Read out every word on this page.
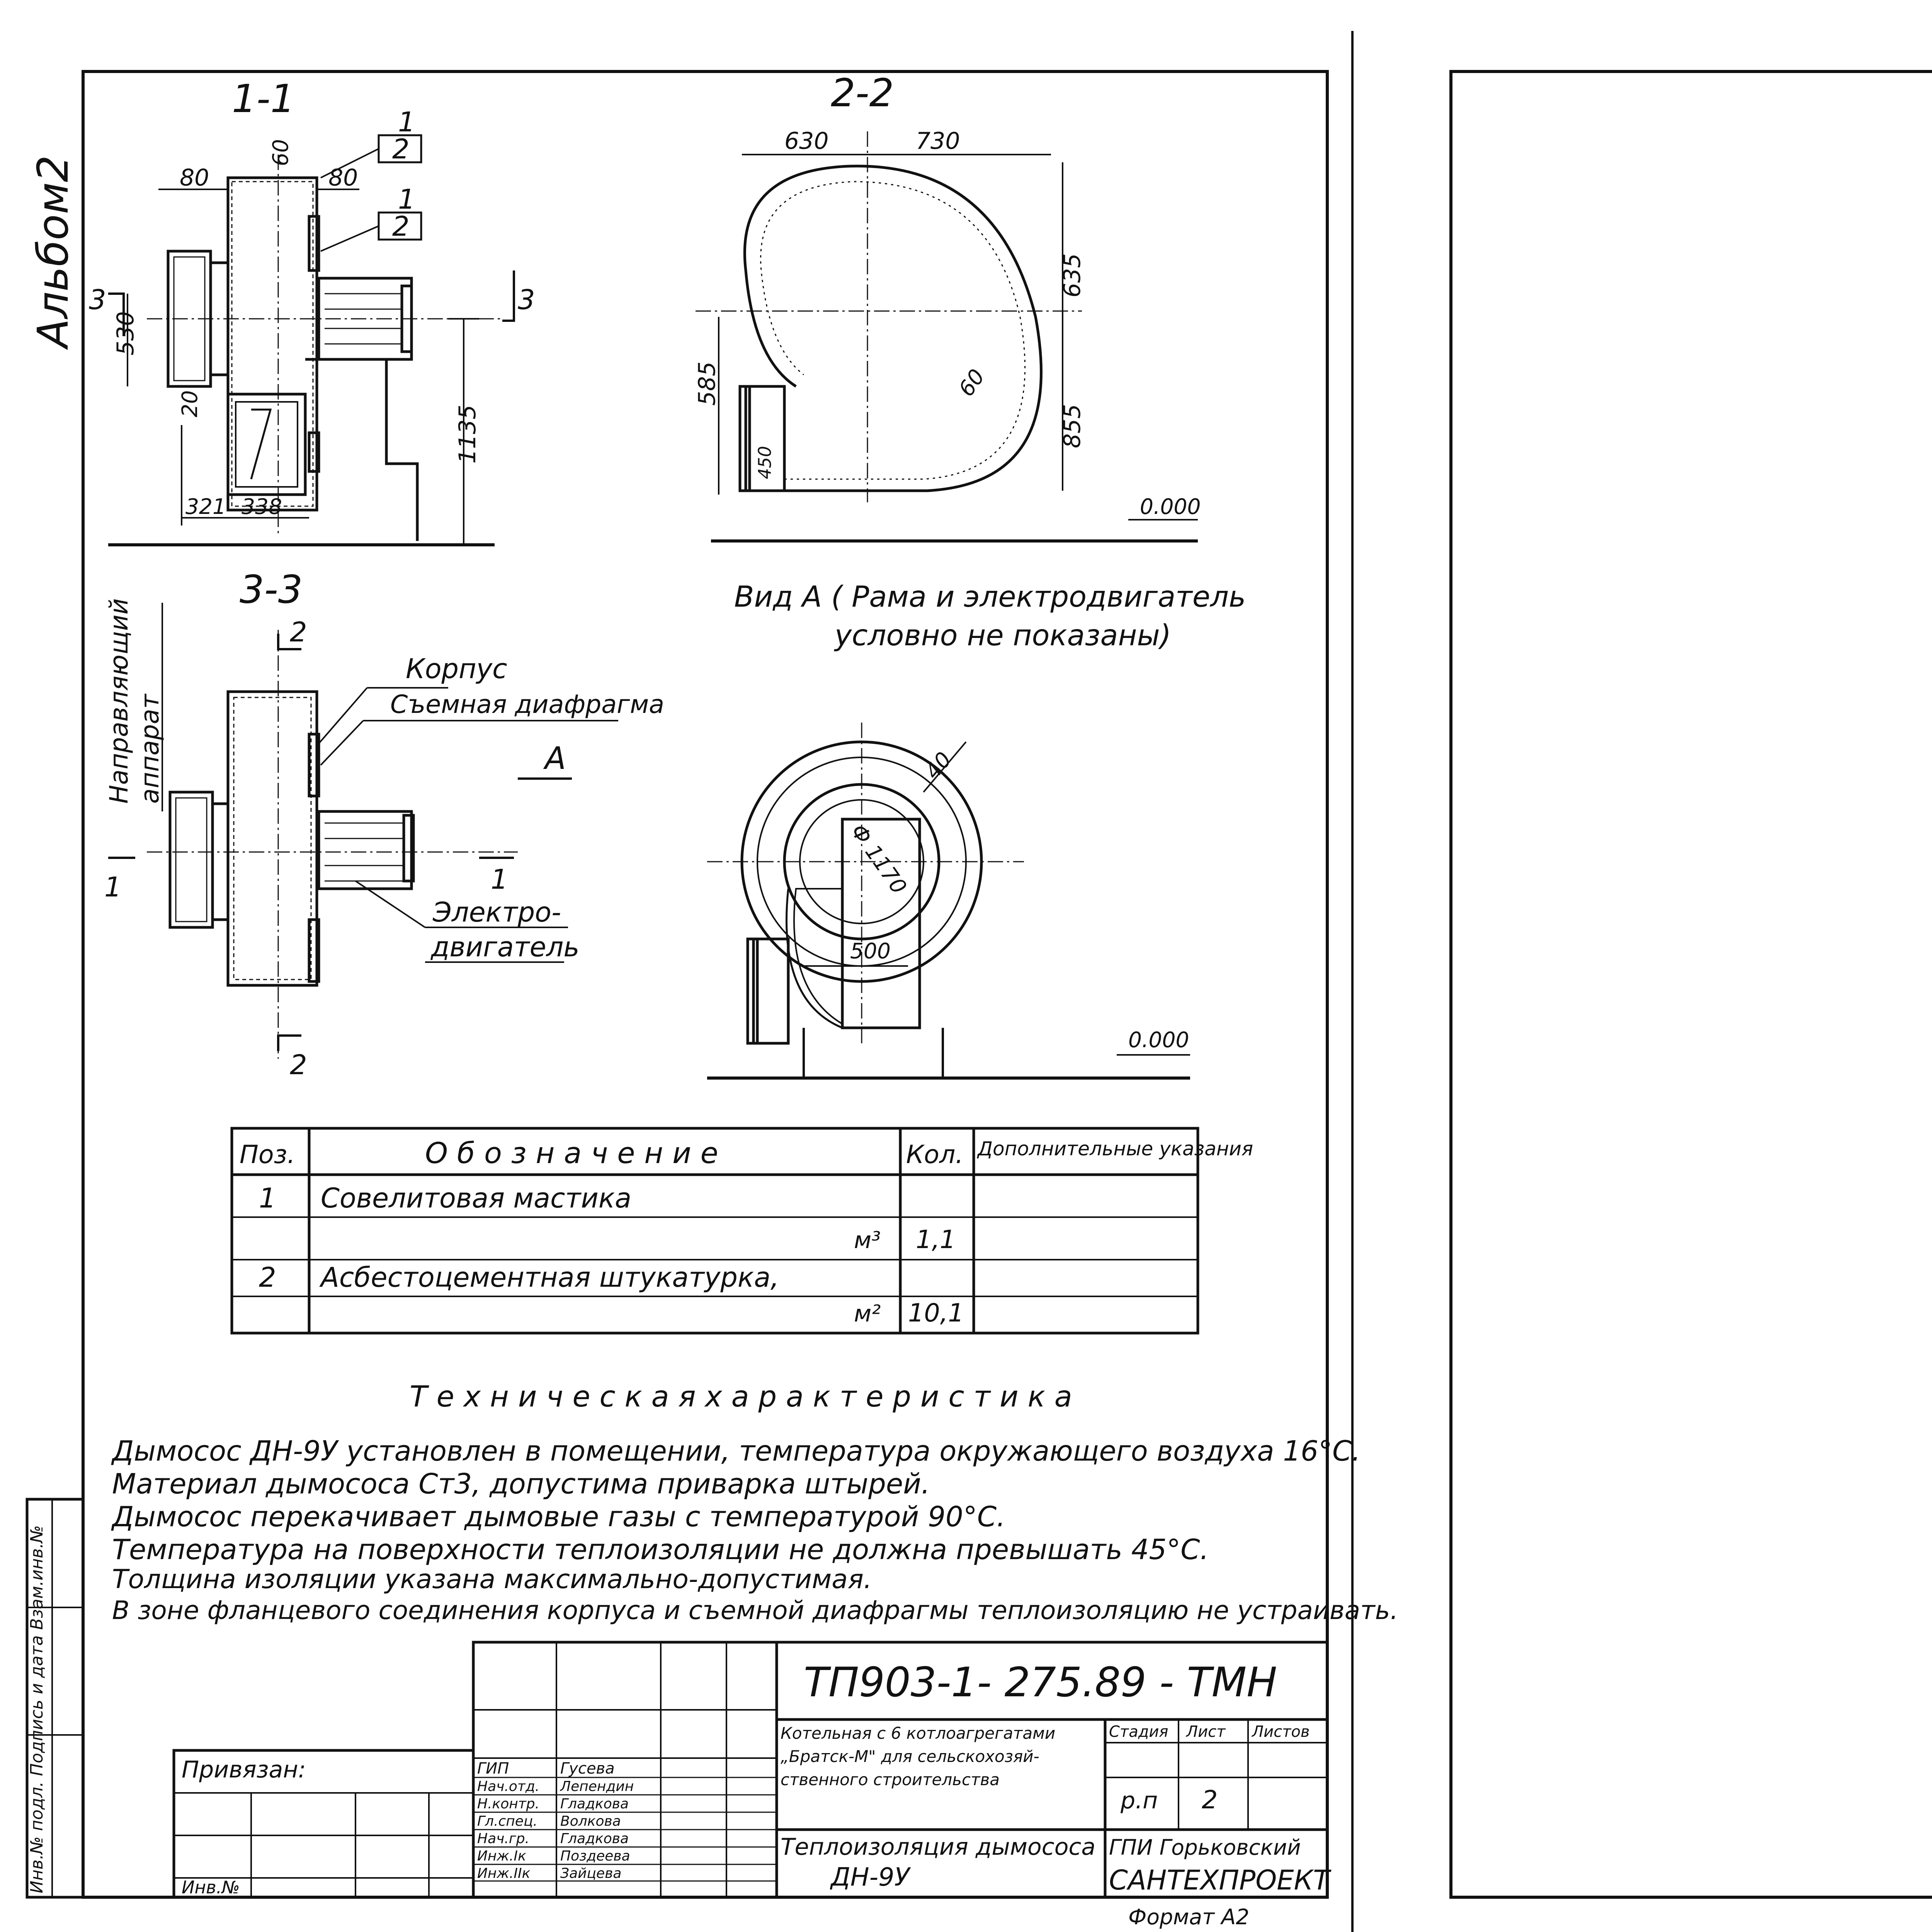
Альбом2
1-1	2-2
3-3
1
2
1
2
3	3
2
2
1	1
А
80	80
60
530
20
1135
321 338
630	730
635
855
585
450
60
0.000
Вид А ( Рама и электродвигатель
условно не показаны)
40
Ф 1170
500
0.000
Корпус
Съемная диафрагма
Направляющий аппарат
Электро-
двигатель
Поз.	О б о з н а ч е н и е	Кол. Дополнительные указания
1 Совелитовая мастика
м³ 1,1
2 Асбестоцементная штукатурка,
м² 10,1
Т е х н и ч е с к а я х а р а к т е р и с т и к а
Дымосос ДН-9У установлен в помещении, температура окружающего воздуха 16°С.
Материал дымососа Ст3, допустима приварка штырей.
Дымосос перекачивает дымовые газы с температурой 90°С.
Температура на поверхности теплоизоляции не должна превышать 45°С.
Толщина изоляции указана максимально-допустимая.
В зоне фланцевого соединения корпуса и съемной диафрагмы теплоизоляцию не устраивать.
ТП903-1- 275.89 - ТМН
Привязан:
Инв.№
ГИП	Гусева
Нач.отд. Лепендин
Н.контр. Гладкова
Гл.спец. Волкова
Нач.гр. Гладкова
Инж.Iк Поздеева
Инж.IIк Зайцева
Котельная с 6 котлоагрегатами
„Братск-М" для сельскохозяй-
ственного строительства
Стадия Лист Листов
р.п 2
Теплоизоляция дымососа
ДН-9У
ГПИ Горьковский
САНТЕХПРОЕКТ
Формат А2
Инв.№ подл. Подпись и дата Взам.инв.№
